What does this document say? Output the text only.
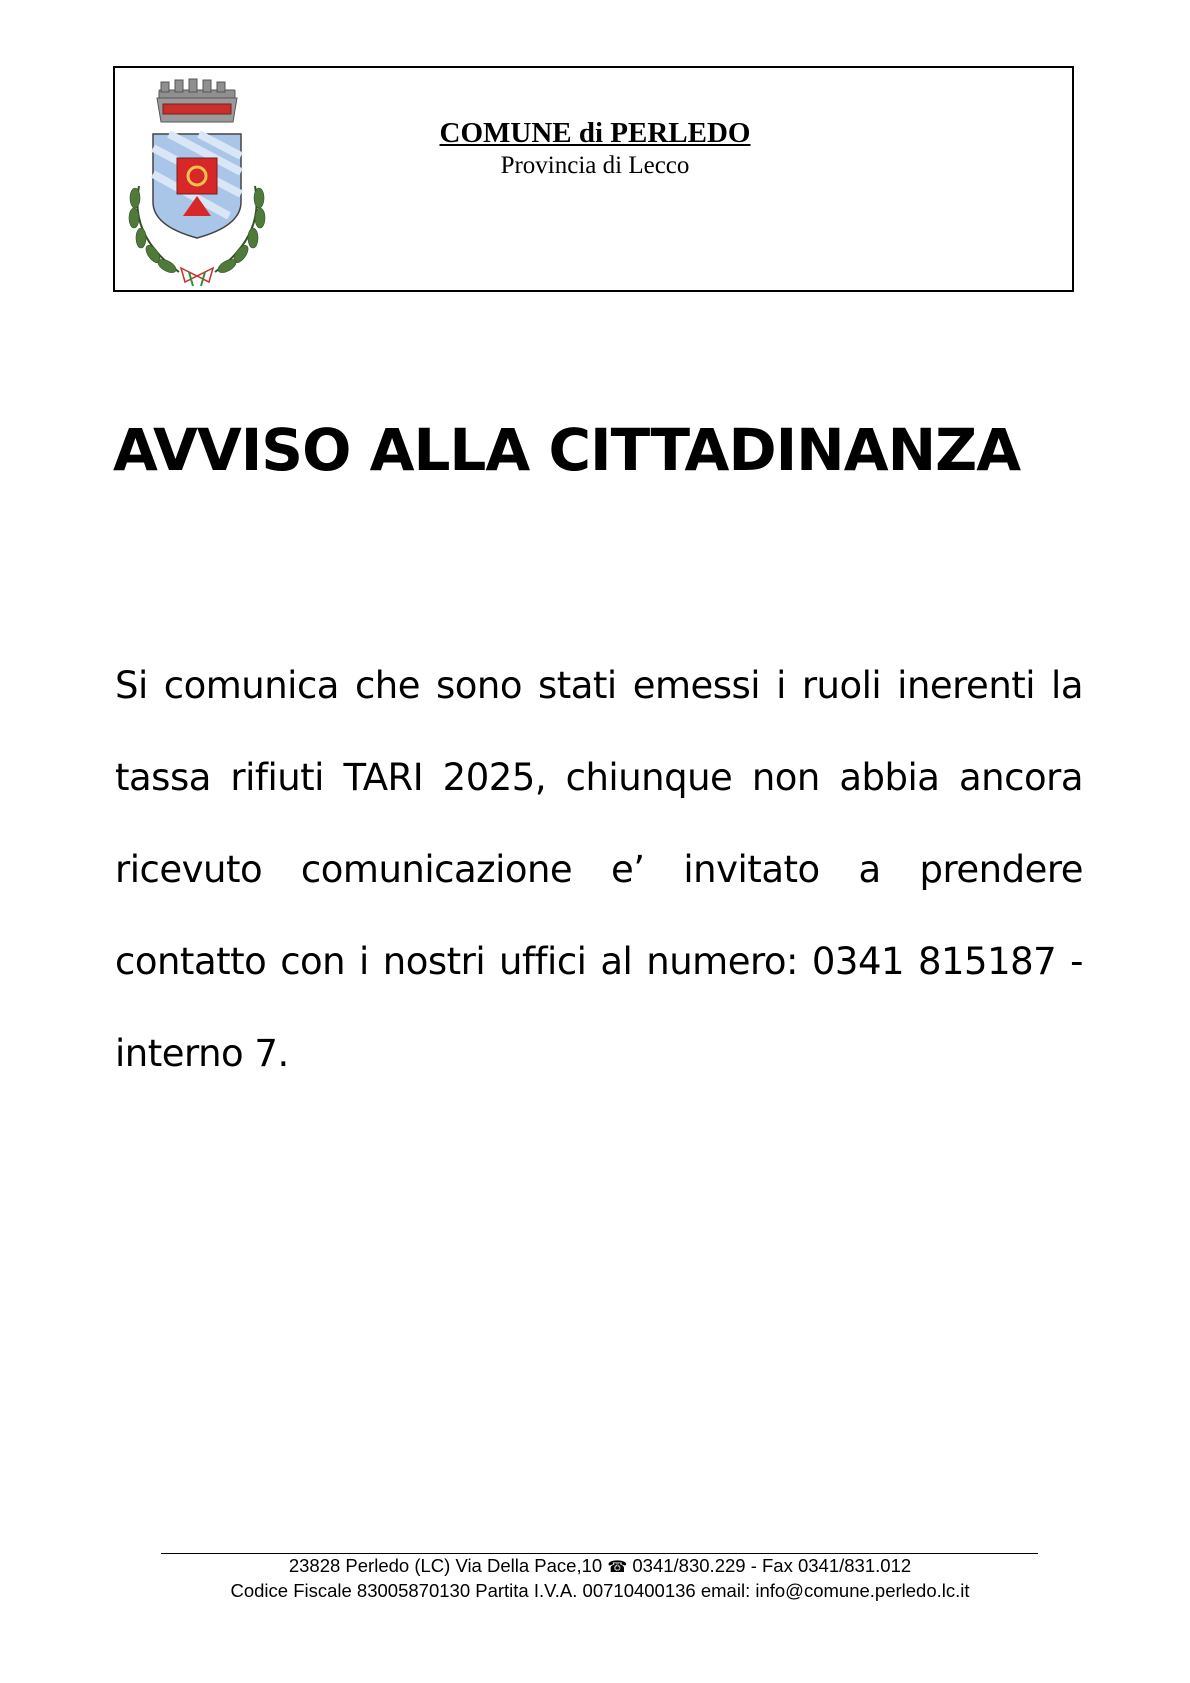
COMUNE di PERLEDO
Provincia di Lecco
AVVISO ALLA CITTADINANZA
Si comunica che sono stati emessi i ruoli inerenti la tassa rifiuti TARI 2025, chiunque non abbia ancora ricevuto comunicazione e’ invitato a prendere contatto con i nostri uffici al numero: 0341 815187 - interno 7.
23828 Perledo (LC) Via Della Pace,10 ☎ 0341/830.229 - Fax 0341/831.012
Codice Fiscale 83005870130 Partita I.V.A. 00710400136 email: info@comune.perledo.lc.it
